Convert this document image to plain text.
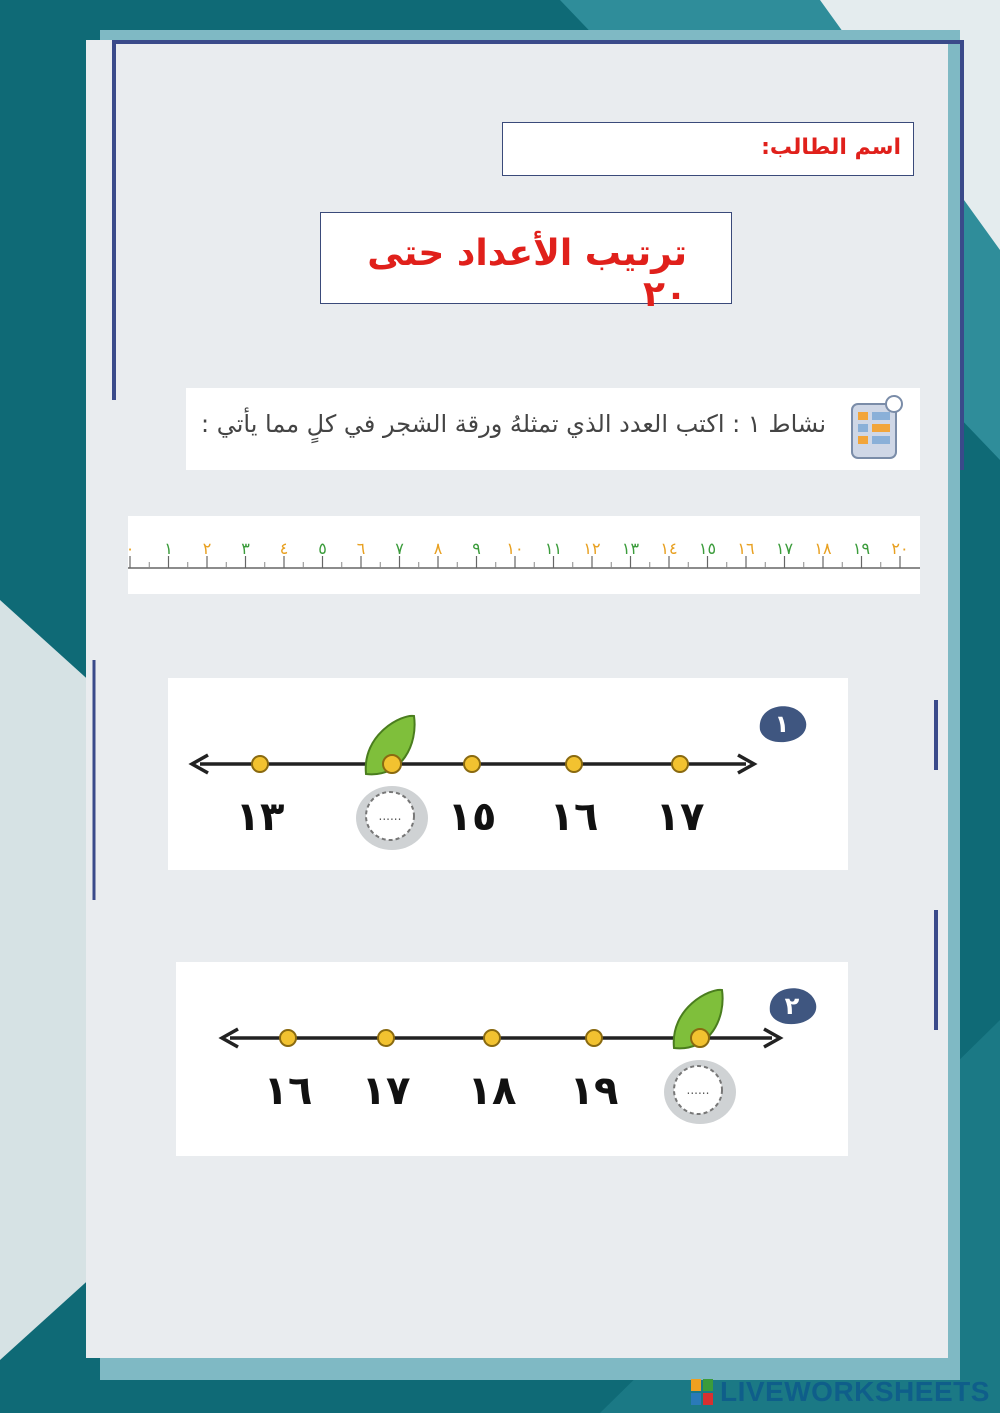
اسم الطالب:
ترتيب الأعداد حتى ٢٠
نشاط ١ : اكتب العدد الذي تمثلهُ ورقة الشجر في كلٍ مما يأتي :
٠ ١ ٢ ٣ ٤ ٥ ٦ ٧ ٨ ٩ ١٠ ١١ ١٢ ١٣ ١٤ ١٥ ١٦ ١٧ ١٨ ١٩ ٢٠
١٣	...... ١٥ ١٦ ١٧
١
١٦ ١٧ ١٨ ١٩	......
٢
LIVEWORKSHEETS
